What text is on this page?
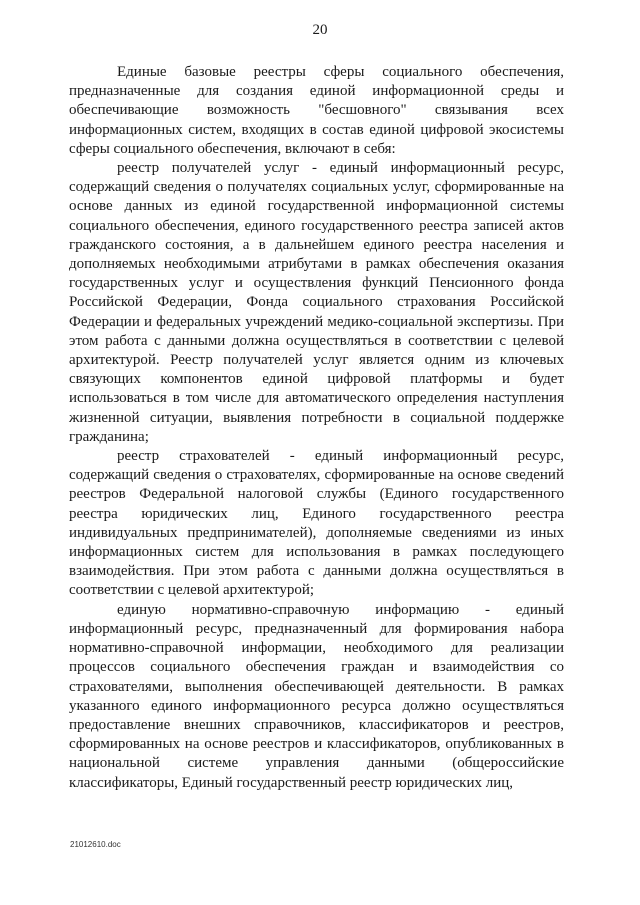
20

Единые базовые реестры сферы социального обеспечения, предназначенные для создания единой информационной среды и обеспечивающие возможность "бесшовного" связывания всех информационных систем, входящих в состав единой цифровой экосистемы сферы социального обеспечения, включают в себя:

реестр получателей услуг - единый информационный ресурс, содержащий сведения о получателях социальных услуг, сформированные на основе данных из единой государственной информационной системы социального обеспечения, единого государственного реестра записей актов гражданского состояния, а в дальнейшем единого реестра населения и дополняемых необходимыми атрибутами в рамках обеспечения оказания государственных услуг и осуществления функций Пенсионного фонда Российской Федерации, Фонда социального страхования Российской Федерации и федеральных учреждений медико-социальной экспертизы. При этом работа с данными должна осуществляться в соответствии с целевой архитектурой. Реестр получателей услуг является одним из ключевых связующих компонентов единой цифровой платформы и будет использоваться в том числе для автоматического определения наступления жизненной ситуации, выявления потребности в социальной поддержке гражданина;

реестр страхователей - единый информационный ресурс, содержащий сведения о страхователях, сформированные на основе сведений реестров Федеральной налоговой службы (Единого государственного реестра юридических лиц, Единого государственного реестра индивидуальных предпринимателей), дополняемые сведениями из иных информационных систем для использования в рамках последующего взаимодействия. При этом работа с данными должна осуществляться в соответствии с целевой архитектурой;

единую нормативно-справочную информацию - единый информационный ресурс, предназначенный для формирования набора нормативно-справочной информации, необходимого для реализации процессов социального обеспечения граждан и взаимодействия со страхователями, выполнения обеспечивающей деятельности. В рамках указанного единого информационного ресурса должно осуществляться предоставление внешних справочников, классификаторов и реестров, сформированных на основе реестров и классификаторов, опубликованных в национальной системе управления данными (общероссийские классификаторы, Единый государственный реестр юридических лиц,

21012610.doc
